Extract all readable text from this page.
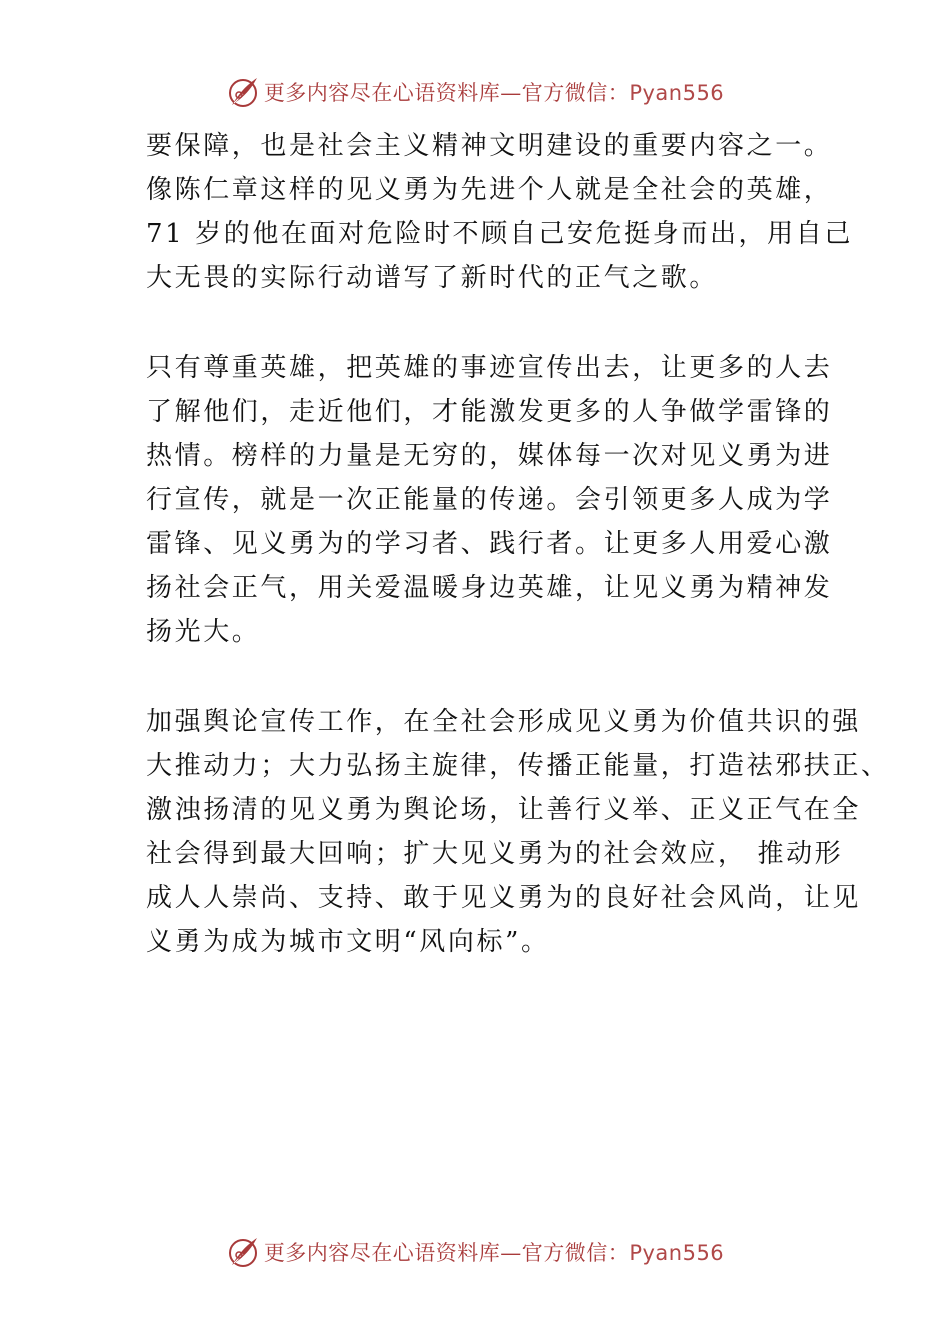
更多内容尽在心语资料库—官方微信：Pyan556
要保障，也是社会主义精神文明建设的重要内容之一。
像陈仁章这样的见义勇为先进个人就是全社会的英雄，
71 岁的他在面对危险时不顾自己安危挺身而出，用自己
大无畏的实际行动谱写了新时代的正气之歌。
只有尊重英雄，把英雄的事迹宣传出去，让更多的人去
了解他们，走近他们，才能激发更多的人争做学雷锋的
热情。榜样的力量是无穷的，媒体每一次对见义勇为进
行宣传，就是一次正能量的传递。会引领更多人成为学
雷锋、见义勇为的学习者、践行者。让更多人用爱心激
扬社会正气，用关爱温暖身边英雄，让见义勇为精神发
扬光大。
加强舆论宣传工作，在全社会形成见义勇为价值共识的强
大推动力；大力弘扬主旋律，传播正能量，打造祛邪扶正、
激浊扬清的见义勇为舆论场，让善行义举、正义正气在全
社会得到最大回响；扩大见义勇为的社会效应， 推动形
成人人崇尚、支持、敢于见义勇为的良好社会风尚，让见
义勇为成为城市文明“风向标”。
更多内容尽在心语资料库—官方微信：Pyan556
